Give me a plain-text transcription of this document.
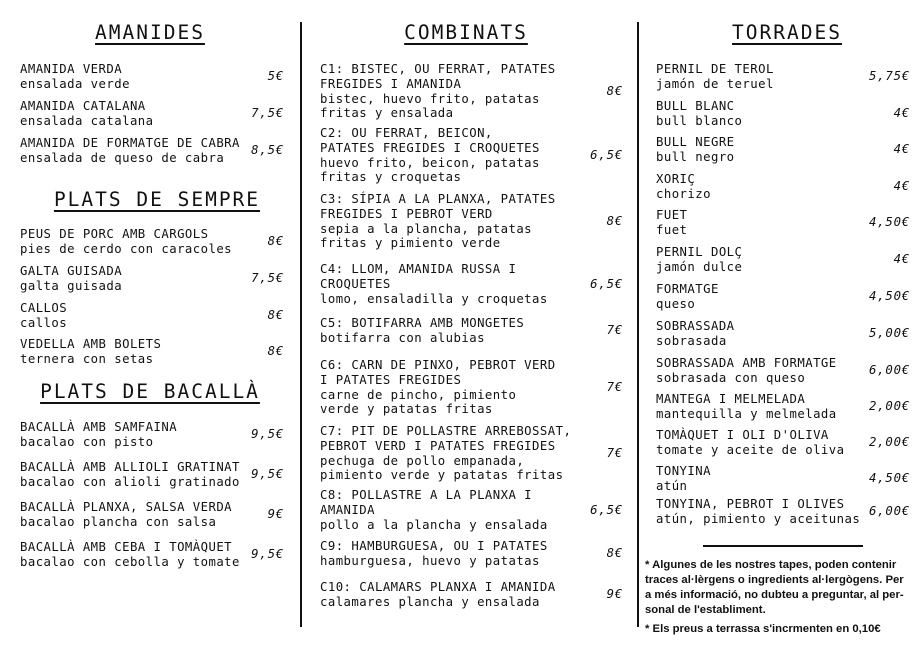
AMANIDES
PLATS DE SEMPRE
PLATS DE BACALLÀ
AMANIDA VERDA
ensalada verde
5€
AMANIDA CATALANA
ensalada catalana
7,5€
AMANIDA DE FORMATGE DE CABRA
ensalada de queso de cabra
8,5€
PEUS DE PORC AMB CARGOLS
pies de cerdo con caracoles
8€
GALTA GUISADA
galta guisada
7,5€
CALLOS
callos
8€
VEDELLA AMB BOLETS
ternera con setas
8€
BACALLÀ AMB SAMFAINA
bacalao con pisto
9,5€
BACALLÀ AMB ALLIOLI GRATINAT
bacalao con alioli gratinado
9,5€
BACALLÀ PLANXA, SALSA VERDA
bacalao plancha con salsa
9€
BACALLÀ AMB CEBA I TOMÀQUET
bacalao con cebolla y tomate
9,5€
COMBINATS
C1: BISTEC, OU FERRAT, PATATES
FREGIDES I AMANIDA
bistec, huevo frito, patatas
fritas y ensalada
8€
C2: OU FERRAT, BEICON,
PATATES FREGIDES I CROQUETES
huevo frito, beicon, patatas
fritas y croquetas
6,5€
C3: SÍPIA A LA PLANXA, PATATES
FREGIDES I PEBROT VERD
sepia a la plancha, patatas
fritas y pimiento verde
8€
C4: LLOM, AMANIDA RUSSA I
CROQUETES
lomo, ensaladilla y croquetas
6,5€
C5: BOTIFARRA AMB MONGETES
botifarra con alubias
7€
C6: CARN DE PINXO, PEBROT VERD
I PATATES FREGIDES
carne de pincho, pimiento
verde y patatas fritas
7€
C7: PIT DE POLLASTRE ARREBOSSAT,
PEBROT VERD I PATATES FREGIDES
pechuga de pollo empanada,
pimiento verde y patatas fritas
7€
C8: POLLASTRE A LA PLANXA I
AMANIDA
pollo a la plancha y ensalada
6,5€
C9: HAMBURGUESA, OU I PATATES
hamburguesa, huevo y patatas
8€
C10: CALAMARS PLANXA I AMANIDA
calamares plancha y ensalada
9€
TORRADES
PERNIL DE TEROL
jamón de teruel
5,75€
BULL BLANC
bull blanco
4€
BULL NEGRE
bull negro
4€
XORIÇ
chorizo
4€
FUET
fuet
4,50€
PERNIL DOLÇ
jamón dulce
4€
FORMATGE
queso
4,50€
SOBRASSADA
sobrasada
5,00€
SOBRASSADA AMB FORMATGE
sobrasada con queso
6,00€
MANTEGA I MELMELADA
mantequilla y melmelada
2,00€
TOMÀQUET I OLI D'OLIVA
tomate y aceite de oliva
2,00€
TONYINA
atún
4,50€
TONYINA, PEBROT I OLIVES
atún, pimiento y aceitunas
6,00€
* Algunes de les nostres tapes, poden contenir
traces al·lèrgens o ingredients al·lergògens. Per
a més informació, no dubteu a preguntar, al per-
sonal de l'establiment.
* Els preus a terrassa s'incrmenten en 0,10€
